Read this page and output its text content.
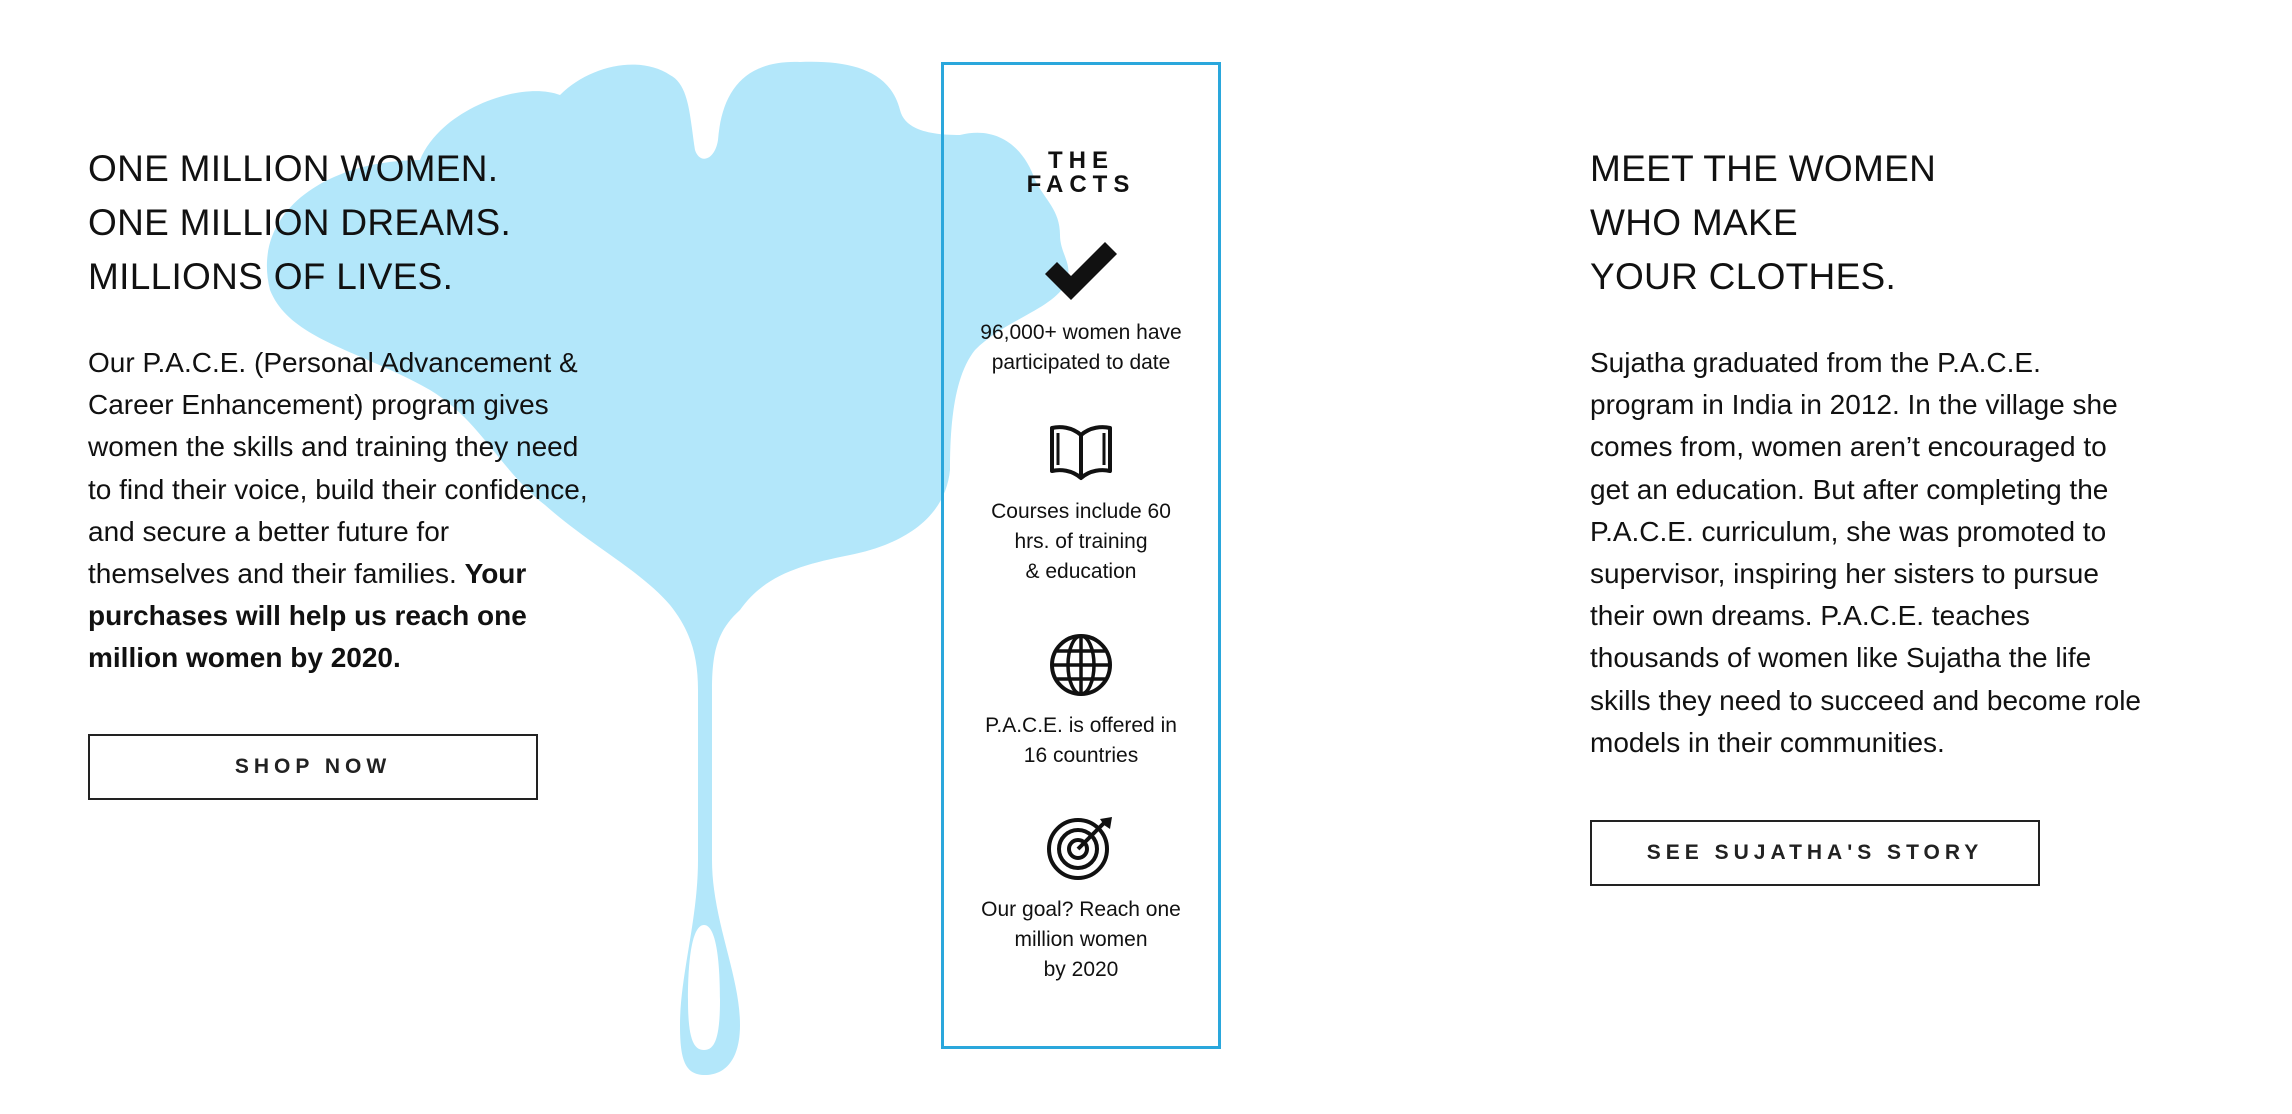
ONE MILLION WOMEN.
ONE MILLION DREAMS.
MILLIONS OF LIVES.

Our P.A.C.E. (Personal Advancement & Career Enhancement) program gives women the skills and training they need to find their voice, build their confidence, and secure a better future for themselves and their families. Your purchases will help us reach one million women by 2020.

SHOP NOW
THE
FACTS
96,000+ women have
participated to date
Courses include 60
hrs. of training
& education
P.A.C.E. is offered in
16 countries
Our goal? Reach one
million women
by 2020
MEET THE WOMEN
WHO MAKE
YOUR CLOTHES.

Sujatha graduated from the P.A.C.E. program in India in 2012. In the village she comes from, women aren’t encouraged to get an education. But after completing the P.A.C.E. curriculum, she was promoted to supervisor, inspiring her sisters to pursue their own dreams. P.A.C.E. teaches thousands of women like Sujatha the life skills they need to succeed and become role models in their communities.

SEE SUJATHA'S STORY
